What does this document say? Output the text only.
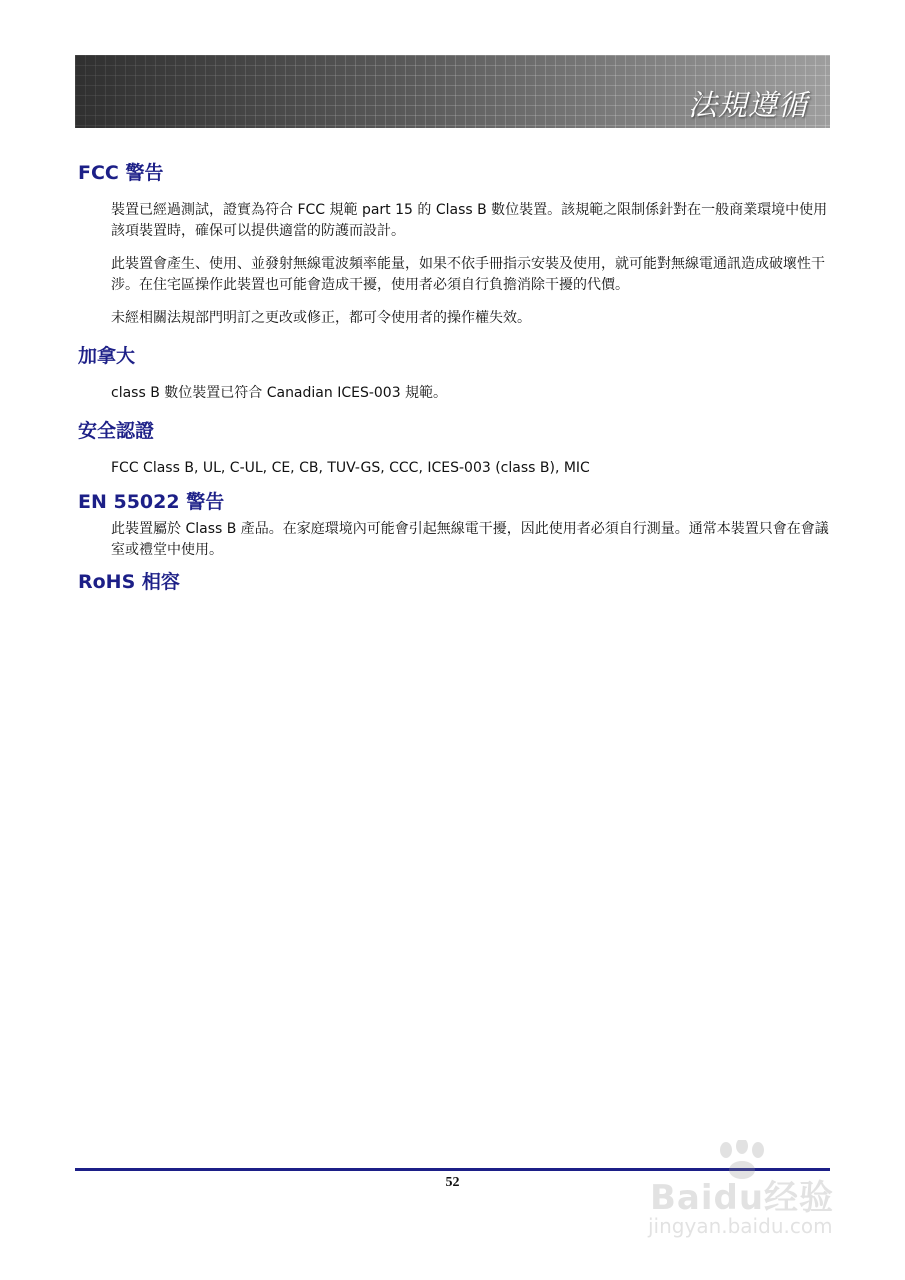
法規遵循
FCC 警告

裝置已經過測試，證實為符合 FCC 規範 part 15 的 Class B 數位裝置。該規範之限制係針對在一般商業環境中使用該項裝置時，確保可以提供適當的防護而設計。

此裝置會產生、使用、並發射無線電波頻率能量，如果不依手冊指示安裝及使用，就可能對無線電通訊造成破壞性干涉。在住宅區操作此裝置也可能會造成干擾，使用者必須自行負擔消除干擾的代價。

未經相關法規部門明訂之更改或修正，都可令使用者的操作權失效。

加拿大

class B 數位裝置已符合 Canadian ICES-003 規範。

安全認證

FCC Class B, UL, C-UL, CE, CB, TUV-GS, CCC, ICES-003 (class B), MIC

EN 55022 警告

此裝置屬於 Class B 產品。在家庭環境內可能會引起無線電干擾，因此使用者必須自行測量。通常本裝置只會在會議室或禮堂中使用。

RoHS 相容
52	Baidu经验
jingyan.baidu.com
